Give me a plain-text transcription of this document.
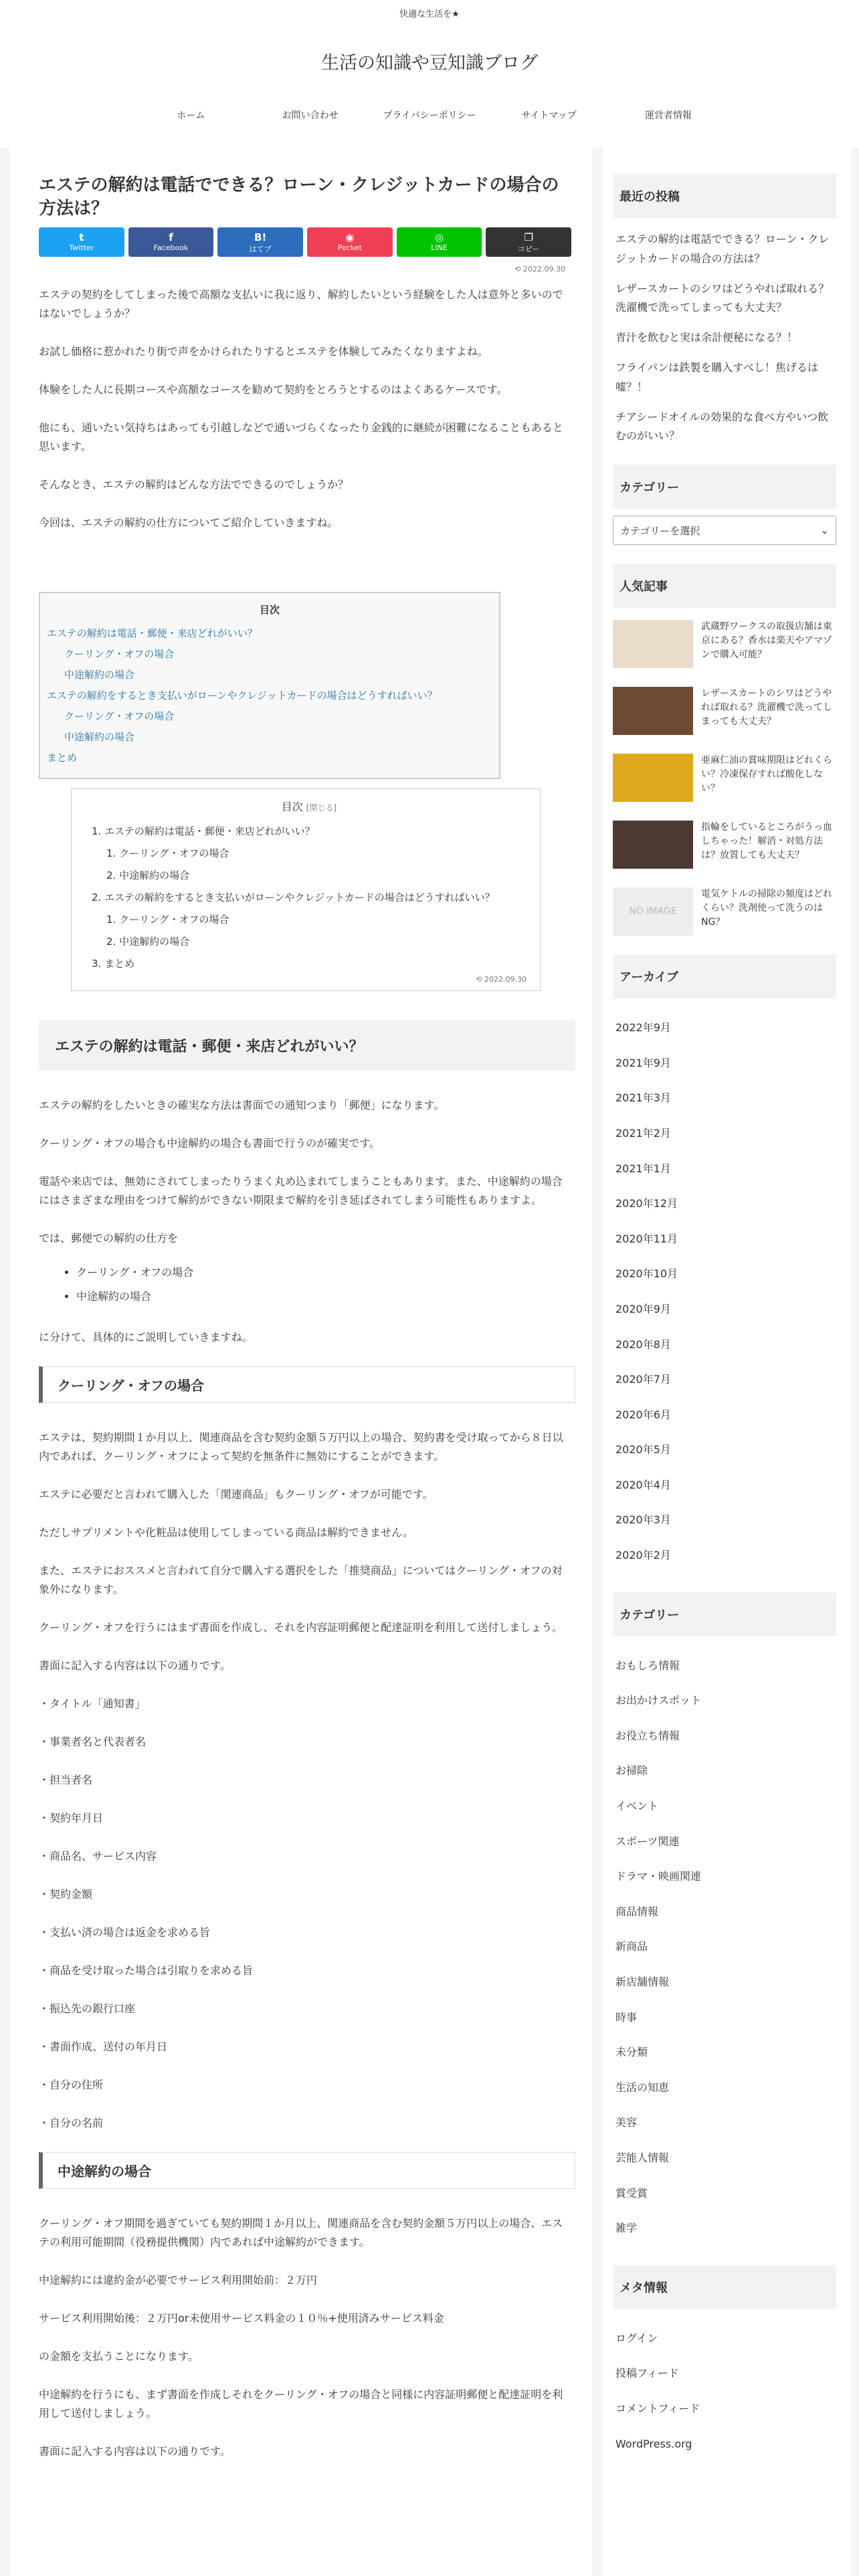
快適な生活を★
生活の知識や豆知識ブログ
ホーム	お問い合わせ	プライバシーポリシー	サイトマップ	運営者情報
エステの解約は電話でできる？ローン・クレジットカードの場合の方法は？
t
Twitter
f
Facebook
B!
はてブ
◉
Pocket
◎
LINE
❐
コピー
⟲ 2022.09.30

エステの契約をしてしまった後で高額な支払いに我に返り、解約したいという経験をした人は意外と多いのではないでしょうか？

お試し価格に惹かれたり街で声をかけられたりするとエステを体験してみたくなりますよね。

体験をした人に長期コースや高額なコースを勧めて契約をとろうとするのはよくあるケースです。

他にも、通いたい気持ちはあっても引越しなどで通いづらくなったり金銭的に継続が困難になることもあると思います。

そんなとき、エステの解約はどんな方法でできるのでしょうか？

今回は、エステの解約の仕方についてご紹介していきますね。

目次
エステの解約は電話・郵便・来店どれがいい？
クーリング・オフの場合
中途解約の場合
エステの解約をするとき支払いがローンやクレジットカードの場合はどうすればいい？
クーリング・オフの場合
中途解約の場合
まとめ
目次 [閉じる]
1. エステの解約は電話・郵便・来店どれがいい？
1. クーリング・オフの場合
2. 中途解約の場合
2. エステの解約をするとき支払いがローンやクレジットカードの場合はどうすればいい？
1. クーリング・オフの場合
2. 中途解約の場合
3. まとめ
⟲ 2022.09.30
エステの解約は電話・郵便・来店どれがいい？

エステの解約をしたいときの確実な方法は書面での通知つまり「郵便」になります。

クーリング・オフの場合も中途解約の場合も書面で行うのが確実です。

電話や来店では、無効にされてしまったりうまく丸め込まれてしまうこともあります。また、中途解約の場合にはさまざまな理由をつけて解約ができない期限まで解約を引き延ばされてしまう可能性もありますよ。

では、郵便での解約の仕方を

• クーリング・オフの場合
• 中途解約の場合

に分けて、具体的にご説明していきますね。

クーリング・オフの場合

エステは、契約期間１か月以上、関連商品を含む契約金額５万円以上の場合、契約書を受け取ってから８日以内であれば、クーリング・オフによって契約を無条件に無効にすることができます。

エステに必要だと言われて購入した「関連商品」もクーリング・オフが可能です。

ただしサプリメントや化粧品は使用してしまっている商品は解約できません。

また、エステにおススメと言われて自分で購入する選択をした「推奨商品」についてはクーリング・オフの対象外になります。

クーリング・オフを行うにはまず書面を作成し、それを内容証明郵便と配達証明を利用して送付しましょう。

書面に記入する内容は以下の通りです。

・タイトル「通知書」

・事業者名と代表者名

・担当者名

・契約年月日

・商品名、サービス内容

・契約金額

・支払い済の場合は返金を求める旨

・商品を受け取った場合は引取りを求める旨

・振込先の銀行口座

・書面作成、送付の年月日

・自分の住所

・自分の名前

中途解約の場合

クーリング・オフ期間を過ぎていても契約期間１か月以上、関連商品を含む契約金額５万円以上の場合、エステの利用可能期間（役務提供機関）内であれば中途解約ができます。

中途解約には違約金が必要でサービス利用開始前：２万円

サービス利用開始後：２万円or未使用サービス料金の１０％+使用済みサービス料金

の金額を支払うことになります。

中途解約を行うにも、まず書面を作成しそれをクーリング・オフの場合と同様に内容証明郵便と配達証明を利用して送付しましょう。

書面に記入する内容は以下の通りです。

最近の投稿
エステの解約は電話でできる？ローン・クレジットカードの場合の方法は？
レザースカートのシワはどうやれば取れる？洗濯機で洗ってしまっても大丈夫？
青汁を飲むと実は余計便秘になる？！
フライパンは鉄製を購入すべし！焦げるは嘘？！
チアシードオイルの効果的な食べ方やいつ飲むのがいい？
カテゴリー
カテゴリーを選択	⌄
人気記事
武蔵野ワークスの取扱店舗は東京にある？香水は楽天やアマゾンで購入可能？
レザースカートのシワはどうやれば取れる？洗濯機で洗ってしまっても大丈夫？
亜麻仁油の賞味期限はどれくらい？冷凍保存すれば酸化しない？
指輪をしているところがうっ血しちゃった！解消・対処方法は？放置しても大丈夫？
NO IMAGE
電気ケトルの掃除の頻度はどれくらい？洗剤使って洗うのはNG？
アーカイブ
2022年9月
2021年9月
2021年3月
2021年2月
2021年1月
2020年12月
2020年11月
2020年10月
2020年9月
2020年8月
2020年7月
2020年6月
2020年5月
2020年4月
2020年3月
2020年2月
カテゴリー
おもしろ情報
お出かけスポット
お役立ち情報
お掃除
イベント
スポーツ関連
ドラマ・映画関連
商品情報
新商品
新店舗情報
時事
未分類
生活の知恵
美容
芸能人情報
賞受賞
雑学
メタ情報
ログイン
投稿フィード
コメントフィード
WordPress.org
